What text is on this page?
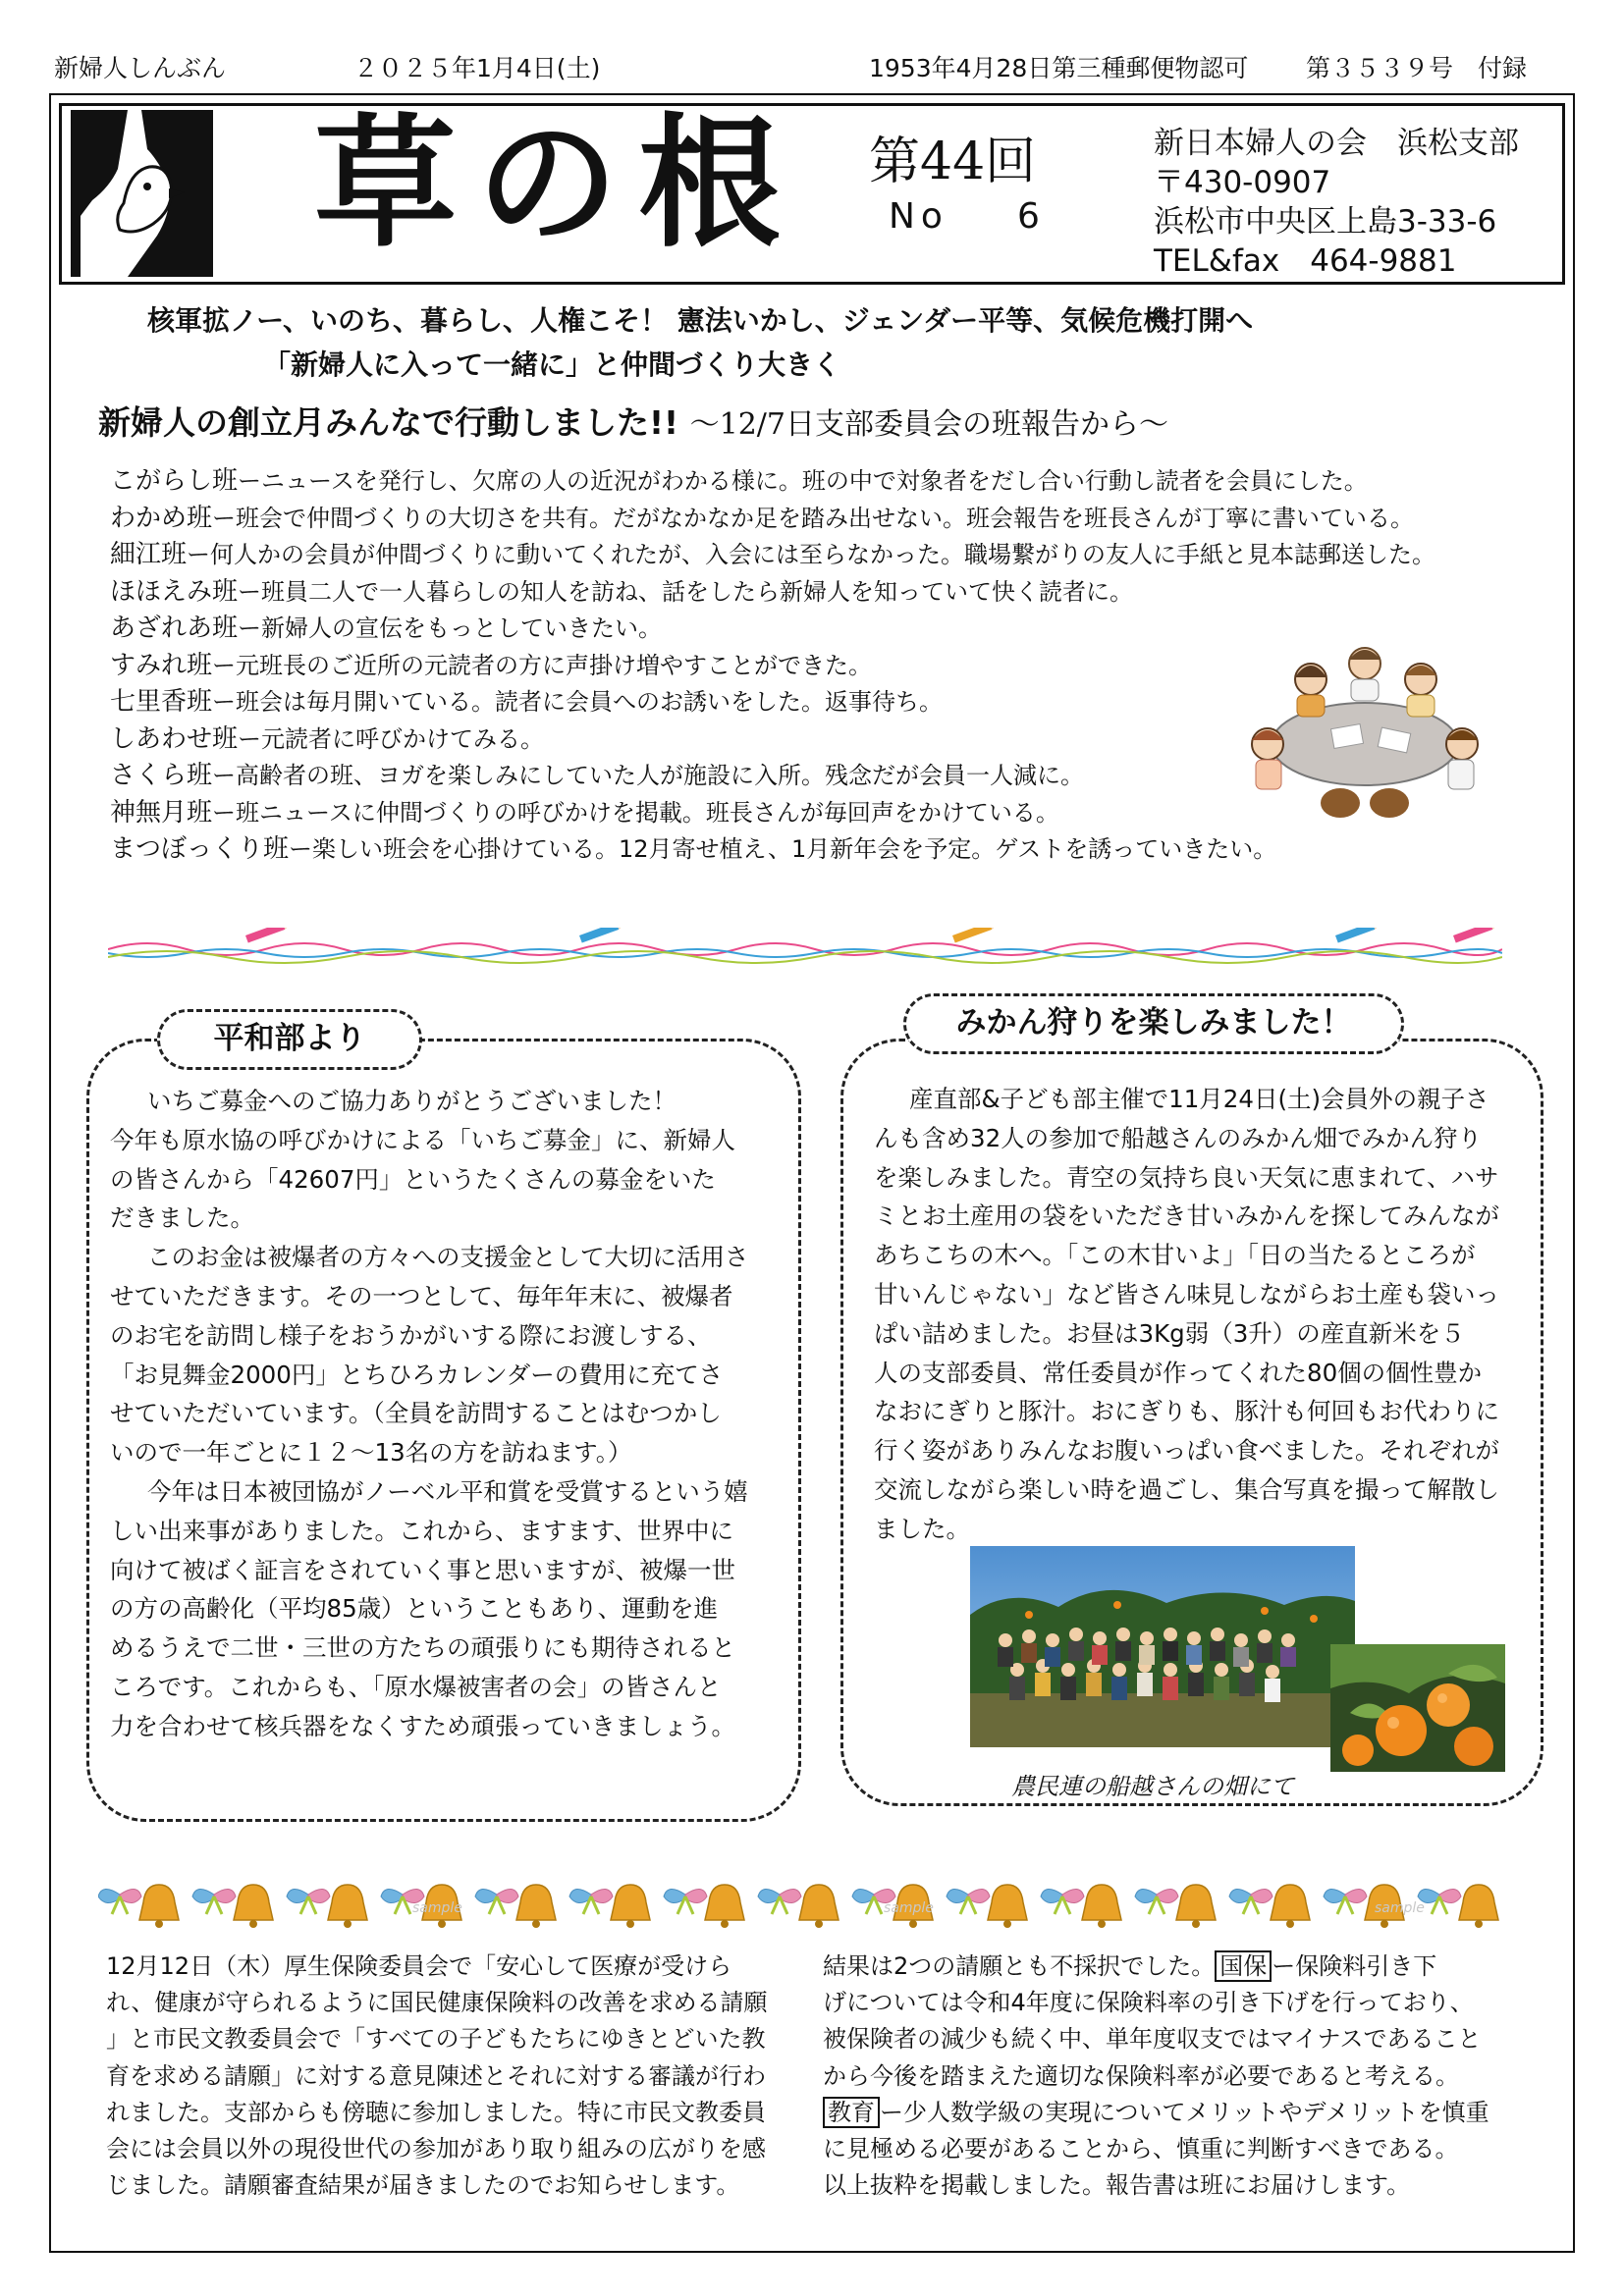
新婦人しんぶん	２０２５年1月4日(土)	1953年4月28日第三種郵便物認可 第３５３９号　付録
草の根 第44回
No 6
新日本婦人の会　浜松支部
〒430-0907
浜松市中央区上島3-33-6
TEL&fax　464-9881
核軍拡ノー、いのち、暮らし、人権こそ！ 憲法いかし、ジェンダー平等、気候危機打開へ
「新婦人に入って一緒に」と仲間づくり大きく
新婦人の創立月みんなで行動しました!! ～12/7日支部委員会の班報告から～
こがらし班ーニュースを発行し、欠席の人の近況がわかる様に。班の中で対象者をだし合い行動し読者を会員にした。
わかめ班ー班会で仲間づくりの大切さを共有。だがなかなか足を踏み出せない。班会報告を班長さんが丁寧に書いている。
細江班ー何人かの会員が仲間づくりに動いてくれたが、入会には至らなかった。職場繋がりの友人に手紙と見本誌郵送した。
ほほえみ班ー班員二人で一人暮らしの知人を訪ね、話をしたら新婦人を知っていて快く読者に。
あざれあ班ー新婦人の宣伝をもっとしていきたい。
すみれ班ー元班長のご近所の元読者の方に声掛け増やすことができた。
七里香班ー班会は毎月開いている。読者に会員へのお誘いをした。返事待ち。
しあわせ班ー元読者に呼びかけてみる。
さくら班ー高齢者の班、ヨガを楽しみにしていた人が施設に入所。残念だが会員一人減に。
神無月班ー班ニュースに仲間づくりの呼びかけを掲載。班長さんが毎回声をかけている。
まつぼっくり班ー楽しい班会を心掛けている。12月寄せ植え、1月新年会を予定。ゲストを誘っていきたい。
平和部より
いちご募金へのご協力ありがとうございました！
今年も原水協の呼びかけによる「いちご募金」に、新婦人
の皆さんから「42607円」というたくさんの募金をいた
だきました。
このお金は被爆者の方々への支援金として大切に活用さ
せていただきます。その一つとして、毎年年末に、被爆者
のお宅を訪問し様子をおうかがいする際にお渡しする、
「お見舞金2000円」とちひろカレンダーの費用に充てさ
せていただいています。（全員を訪問することはむつかし
いので一年ごとに１２～13名の方を訪ねます。）
今年は日本被団協がノーベル平和賞を受賞するという嬉
しい出来事がありました。これから、ますます、世界中に
向けて被ばく証言をされていく事と思いますが、被爆一世
の方の高齢化（平均85歳）ということもあり、運動を進
めるうえで二世・三世の方たちの頑張りにも期待されると
ころです。これからも、「原水爆被害者の会」の皆さんと
力を合わせて核兵器をなくすため頑張っていきましょう。
みかん狩りを楽しみました！
産直部&子ども部主催で11月24日(土)会員外の親子さ
んも含め32人の参加で船越さんのみかん畑でみかん狩り
を楽しみました。青空の気持ち良い天気に恵まれて、ハサ
ミとお土産用の袋をいただき甘いみかんを探してみんなが
あちこちの木へ。「この木甘いよ」「日の当たるところが
甘いんじゃない」など皆さん味見しながらお土産も袋いっ
ぱい詰めました。お昼は3Kg弱（3升）の産直新米を５
人の支部委員、常任委員が作ってくれた80個の個性豊か
なおにぎりと豚汁。おにぎりも、豚汁も何回もお代わりに
行く姿がありみんなお腹いっぱい食べました。それぞれが
交流しながら楽しい時を過ごし、集合写真を撮って解散し
ました。
農民連の船越さんの畑にて
sample	sample	sample
12月12日（木）厚生保険委員会で「安心して医療が受けら
れ、健康が守られるように国民健康保険料の改善を求める請願
」と市民文教委員会で「すべての子どもたちにゆきとどいた教
育を求める請願」に対する意見陳述とそれに対する審議が行わ
れました。支部からも傍聴に参加しました。特に市民文教委員
会には会員以外の現役世代の参加があり取り組みの広がりを感
じました。請願審査結果が届きましたのでお知らせします。
結果は2つの請願とも不採択でした。 国保 ー保険料引き下
げについては令和4年度に保険料率の引き下げを行っており、
被保険者の減少も続く中、単年度収支ではマイナスであること
から今後を踏まえた適切な保険料率が必要であると考える。
教育 ー少人数学級の実現についてメリットやデメリットを慎重
に見極める必要があることから、慎重に判断すべきである。
以上抜粋を掲載しました。報告書は班にお届けします。
